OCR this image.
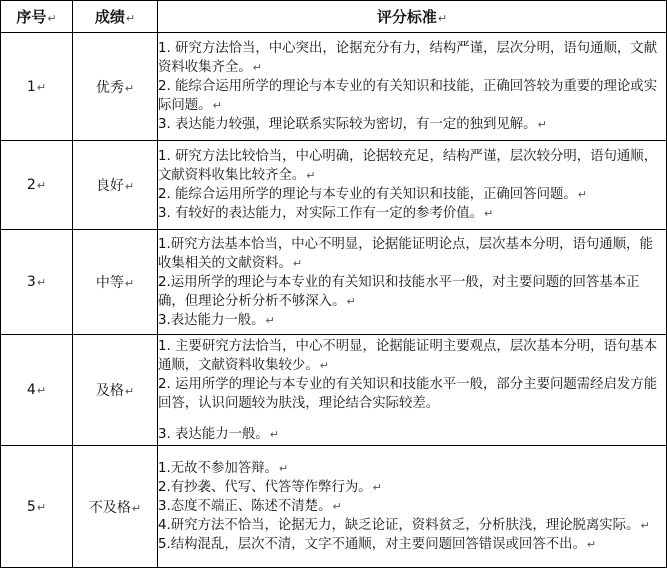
序号↵	成绩↵	评分标准↵
1↵	优秀↵	1. 研究方法恰当，中心突出，论据充分有力，结构严谨，层次分明，语句通顺，文献资料收集齐全。↵
2. 能综合运用所学的理论与本专业的有关知识和技能，正确回答较为重要的理论或实际问题。↵
3. 表达能力较强，理论联系实际较为密切，有一定的独到见解。↵

2↵	良好↵	1. 研究方法比较恰当，中心明确，论据较充足，结构严谨，层次较分明，语句通顺，文献资料收集比较齐全。↵
2. 能综合运用所学的理论与本专业的有关知识和技能，正确回答问题。↵
3. 有较好的表达能力，对实际工作有一定的参考价值。↵

3↵	中等↵	1.研究方法基本恰当，中心不明显，论据能证明论点，层次基本分明，语句通顺，能收集相关的文献资料。↵
2.运用所学的理论与本专业的有关知识和技能水平一般，对主要问题的回答基本正确，但理论分析分析不够深入。↵
3.表达能力一般。↵

4↵	及格↵	1. 主要研究方法恰当，中心不明显，论据能证明主要观点，层次基本分明，语句基本通顺，文献资料收集较少。↵
2. 运用所学的理论与本专业的有关知识和技能水平一般，部分主要问题需经启发方能回答，认识问题较为肤浅，理论结合实际较差。
3. 表达能力一般。↵

5↵	不及格↵	1.无故不参加答辩。↵
2.有抄袭、代写、代答等作弊行为。↵
3.态度不端正、陈述不清楚。↵
4.研究方法不恰当，论据无力，缺乏论证，资料贫乏，分析肤浅，理论脱离实际。↵
5.结构混乱，层次不清，文字不通顺，对主要问题回答错误或回答不出。↵
